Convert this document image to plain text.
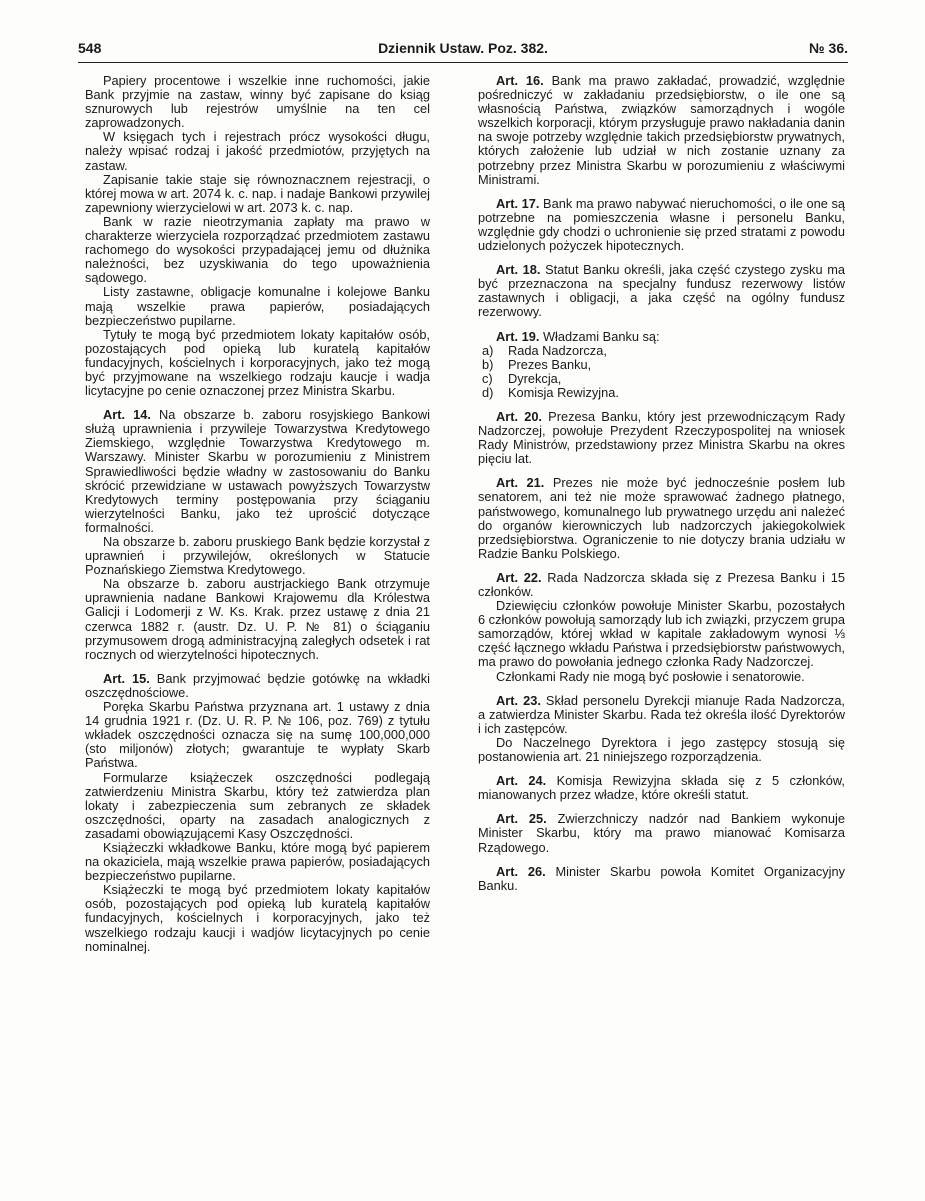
548	Dziennik Ustaw. Poz. 382.	№ 36.

Papiery procentowe i wszelkie inne ruchomości, jakie Bank przyjmie na zastaw, winny być zapisane do ksiąg sznurowych lub rejestrów umyślnie na ten cel zaprowadzonych.

W księgach tych i rejestrach prócz wysokości długu, należy wpisać rodzaj i jakość przedmiotów, przyjętych na zastaw.

Zapisanie takie staje się równoznacznem rejestracji, o której mowa w art. 2074 k. c. nap. i nadaje Bankowi przywilej zapewniony wierzycielowi w art. 2073 k. c. nap.

Bank w razie nieotrzymania zapłaty ma prawo w charakterze wierzyciela rozporządzać przedmiotem zastawu rachomego do wysokości przypadającej jemu od dłużnika należności, bez uzyskiwania do tego upoważnienia sądowego.

Listy zastawne, obligacje komunalne i kolejowe Banku mają wszelkie prawa papierów, posiadających bezpieczeństwo pupilarne.

Tytuły te mogą być przedmiotem lokaty kapitałów osób, pozostających pod opieką lub kuratelą kapitałów fundacyjnych, kościelnych i korporacyjnych, jako też mogą być przyjmowane na wszelkiego rodzaju kaucje i wadja licytacyjne po cenie oznaczonej przez Ministra Skarbu.

Art. 14. Na obszarze b. zaboru rosyjskiego Bankowi służą uprawnienia i przywileje Towarzystwa Kredytowego Ziemskiego, względnie Towarzystwa Kredytowego m. Warszawy. Minister Skarbu w porozumieniu z Ministrem Sprawiedliwości będzie władny w zastosowaniu do Banku skrócić przewidziane w ustawach powyższych Towarzystw Kredytowych terminy postępowania przy ściąganiu wierzytelności Banku, jako też uprościć dotyczące formalności.

Na obszarze b. zaboru pruskiego Bank będzie korzystał z uprawnień i przywilejów, określonych w Statucie Poznańskiego Ziemstwa Kredytowego.

Na obszarze b. zaboru austrjackiego Bank otrzymuje uprawnienia nadane Bankowi Krajowemu dla Królestwa Galicji i Lodomerji z W. Ks. Krak. przez ustawę z dnia 21 czerwca 1882 r. (austr. Dz. U. P. № 81) o ściąganiu przymusowem drogą administracyjną zaległych odsetek i rat rocznych od wierzytelności hipotecznych.

Art. 15. Bank przyjmować będzie gotówkę na wkładki oszczędnościowe.

Poręka Skarbu Państwa przyznana art. 1 ustawy z dnia 14 grudnia 1921 r. (Dz. U. R. P. № 106, poz. 769) z tytułu wkładek oszczędności oznacza się na sumę 100,000,000 (sto miljonów) złotych; gwarantuje te wypłaty Skarb Państwa.

Formularze książeczek oszczędności podlegają zatwierdzeniu Ministra Skarbu, który też zatwierdza plan lokaty i zabezpieczenia sum zebranych ze składek oszczędności, oparty na zasadach analogicznych z zasadami obowiązującemi Kasy Oszczędności.

Książeczki wkładkowe Banku, które mogą być papierem na okaziciela, mają wszelkie prawa papierów, posiadających bezpieczeństwo pupilarne.

Książeczki te mogą być przedmiotem lokaty kapitałów osób, pozostających pod opieką lub kuratelą kapitałów fundacyjnych, kościelnych i korporacyjnych, jako też wszelkiego rodzaju kaucji i wadjów licytacyjnych po cenie nominalnej.

Art. 16. Bank ma prawo zakładać, prowadzić, względnie pośredniczyć w zakładaniu przedsiębiorstw, o ile one są własnością Państwa, związków samorządnych i wogóle wszelkich korporacji, którym przysługuje prawo nakładania danin na swoje potrzeby względnie takich przedsiębiorstw prywatnych, których założenie lub udział w nich zostanie uznany za potrzebny przez Ministra Skarbu w porozumieniu z właściwymi Ministrami.

Art. 17. Bank ma prawo nabywać nieruchomości, o ile one są potrzebne na pomieszczenia własne i personelu Banku, względnie gdy chodzi o uchronienie się przed stratami z powodu udzielonych pożyczek hipotecznych.

Art. 18. Statut Banku określi, jaka część czystego zysku ma być przeznaczona na specjalny fundusz rezerwowy listów zastawnych i obligacji, a jaka część na ogólny fundusz rezerwowy.

Art. 19. Władzami Banku są:

a) Rada Nadzorcza,
b) Prezes Banku,
c) Dyrekcja,
d) Komisja Rewizyjna.

Art. 20. Prezesa Banku, który jest przewodniczącym Rady Nadzorczej, powołuje Prezydent Rzeczypospolitej na wniosek Rady Ministrów, przedstawiony przez Ministra Skarbu na okres pięciu lat.

Art. 21. Prezes nie może być jednocześnie posłem lub senatorem, ani też nie może sprawować żadnego płatnego, państwowego, komunalnego lub prywatnego urzędu ani należeć do organów kierowniczych lub nadzorczych jakiegokolwiek przedsiębiorstwa. Ograniczenie to nie dotyczy brania udziału w Radzie Banku Polskiego.

Art. 22. Rada Nadzorcza składa się z Prezesa Banku i 15 członków.

Dziewięciu członków powołuje Minister Skarbu, pozostałych 6 członków powołują samorządy lub ich związki, przyczem grupa samorządów, której wkład w kapitale zakładowym wynosi ⅓ część łącznego wkładu Państwa i przedsiębiorstw państwowych, ma prawo do powołania jednego członka Rady Nadzorczej.

Członkami Rady nie mogą być posłowie i senatorowie.

Art. 23. Skład personelu Dyrekcji mianuje Rada Nadzorcza, a zatwierdza Minister Skarbu. Rada też określa ilość Dyrektorów i ich zastępców.

Do Naczelnego Dyrektora i jego zastępcy stosują się postanowienia art. 21 niniejszego rozporządzenia.

Art. 24. Komisja Rewizyjna składa się z 5 członków, mianowanych przez władze, które określi statut.

Art. 25. Zwierzchniczy nadzór nad Bankiem wykonuje Minister Skarbu, który ma prawo mianować Komisarza Rządowego.

Art. 26. Minister Skarbu powoła Komitet Organizacyjny Banku.
